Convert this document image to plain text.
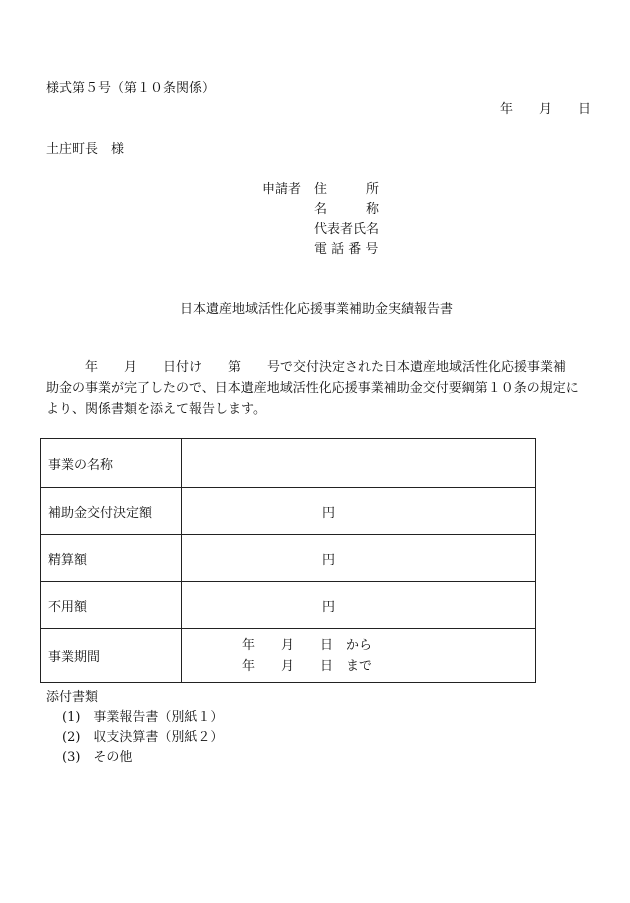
様式第５号（第１０条関係）
年　　月　　日
土庄町長　様
申請者 住　　　所
名　　　称
代表者氏名
電 話 番 号
日本遺産地域活性化応援事業補助金実績報告書
　　　年　　月　　日付け　　第　　号で交付決定された日本遺産地域活性化応援事業補
助金の事業が完了したので、日本遺産地域活性化応援事業補助金交付要綱第１０条の規定に
より、関係書類を添えて報告します。
事業の名称	
補助金交付決定額	円

精算額	円

不用額	円

事業期間	年　　月　　日　から
年　　月　　日　まで
添付書類
(1)　事業報告書（別紙１）
(2)　収支決算書（別紙２）
(3)　その他
